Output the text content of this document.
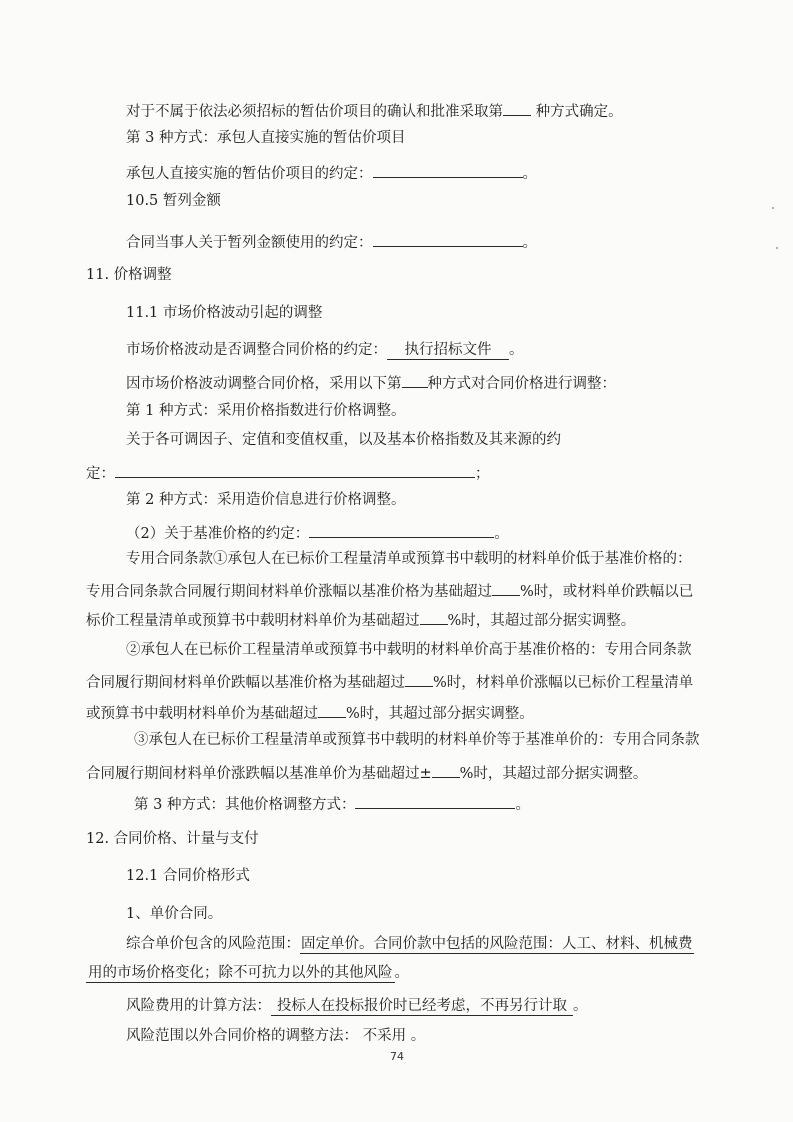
对于不属于依法必须招标的暂估价项目的确认和批准采取第 种方式确定。
第 3 种方式：承包人直接实施的暂估价项目
承包人直接实施的暂估价项目的约定：	。
10.5 暂列金额
合同当事人关于暂列金额使用的约定：	。
11. 价格调整
11.1 市场价格波动引起的调整
市场价格波动是否调整合同价格的约定： 执行招标文件 。
因市场价格波动调整合同价格，采用以下第 种方式对合同价格进行调整：
第 1 种方式：采用价格指数进行价格调整。
关于各可调因子、定值和变值权重，以及基本价格指数及其来源的约
定：	；
第 2 种方式：采用造价信息进行价格调整。
（2）关于基准价格的约定：	。
专用合同条款①承包人在已标价工程量清单或预算书中载明的材料单价低于基准价格的：
专用合同条款合同履行期间材料单价涨幅以基准价格为基础超过 %时，或材料单价跌幅以已
标价工程量清单或预算书中载明材料单价为基础超过 %时，其超过部分据实调整。
②承包人在已标价工程量清单或预算书中载明的材料单价高于基准价格的：专用合同条款
合同履行期间材料单价跌幅以基准价格为基础超过 %时，材料单价涨幅以已标价工程量清单
或预算书中载明材料单价为基础超过 %时，其超过部分据实调整。
③承包人在已标价工程量清单或预算书中载明的材料单价等于基准单价的：专用合同条款
合同履行期间材料单价涨跌幅以基准单价为基础超过± %时，其超过部分据实调整。
第 3 种方式：其他价格调整方式：	。
12. 合同价格、计量与支付
12.1 合同价格形式
1、单价合同。
综合单价包含的风险范围：固定单价。合同价款中包括的风险范围：人工、材料、机械费
用的市场价格变化；除不可抗力以外的其他风险 。
风险费用的计算方法： 投标人在投标报价时已经考虑，不再另行计取 。
风险范围以外合同价格的调整方法： 不采用 。
74
